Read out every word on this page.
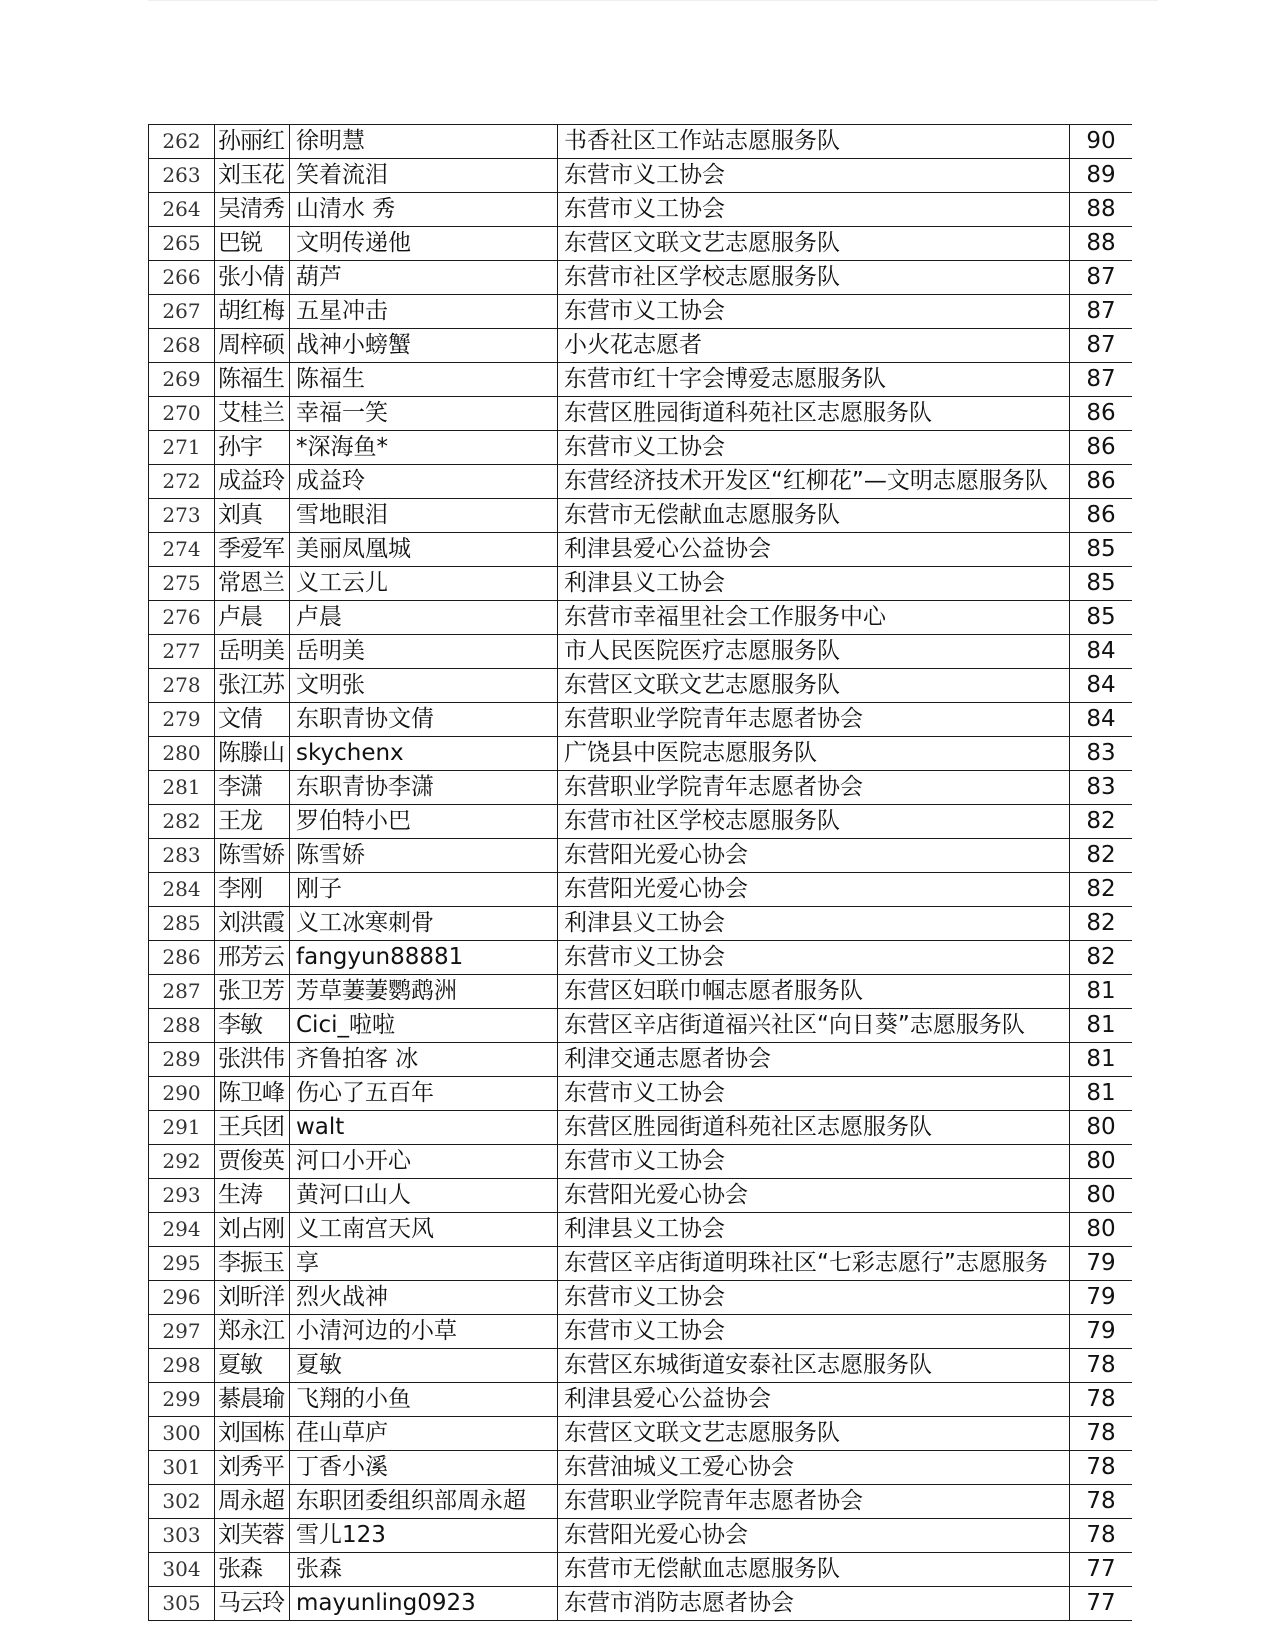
262	孙丽红	徐明慧	书香社区工作站志愿服务队	90
263	刘玉花	笑着流泪	东营市义工协会	89
264	吴清秀	山清水 秀	东营市义工协会	88
265	巴锐	文明传递他	东营区文联文艺志愿服务队	88
266	张小倩	葫芦	东营市社区学校志愿服务队	87
267	胡红梅	五星冲击	东营市义工协会	87
268	周梓硕	战神小螃蟹	小火花志愿者	87
269	陈福生	陈福生	东营市红十字会博爱志愿服务队	87
270	艾桂兰	幸福一笑	东营区胜园街道科苑社区志愿服务队	86
271	孙宇	*深海鱼*	东营市义工协会	86
272	成益玲	成益玲	东营经济技术开发区“红柳花”—文明志愿服务队	86
273	刘真	雪地眼泪	东营市无偿献血志愿服务队	86
274	季爱军	美丽凤凰城	利津县爱心公益协会	85
275	常恩兰	义工云儿	利津县义工协会	85
276	卢晨	卢晨	东营市幸福里社会工作服务中心	85
277	岳明美	岳明美	市人民医院医疗志愿服务队	84
278	张江苏	文明张	东营区文联文艺志愿服务队	84
279	文倩	东职青协文倩	东营职业学院青年志愿者协会	84
280	陈滕山	skychenx	广饶县中医院志愿服务队	83
281	李潇	东职青协李潇	东营职业学院青年志愿者协会	83
282	王龙	罗伯特小巴	东营市社区学校志愿服务队	82
283	陈雪娇	陈雪娇	东营阳光爱心协会	82
284	李刚	刚子	东营阳光爱心协会	82
285	刘洪霞	义工冰寒刺骨	利津县义工协会	82
286	邢芳云	fangyun88881	东营市义工协会	82
287	张卫芳	芳草萋萋鹦鹉洲	东营区妇联巾帼志愿者服务队	81
288	李敏	Cici_啦啦	东营区辛店街道福兴社区“向日葵”志愿服务队	81
289	张洪伟	齐鲁拍客 冰	利津交通志愿者协会	81
290	陈卫峰	伤心了五百年	东营市义工协会	81
291	王兵团	walt	东营区胜园街道科苑社区志愿服务队	80
292	贾俊英	河口小开心	东营市义工协会	80
293	生涛	黄河口山人	东营阳光爱心协会	80
294	刘占刚	义工南宫天风	利津县义工协会	80
295	李振玉	享	东营区辛店街道明珠社区“七彩志愿行”志愿服务	79
296	刘昕洋	烈火战神	东营市义工协会	79
297	郑永江	小清河边的小草	东营市义工协会	79
298	夏敏	夏敏	东营区东城街道安泰社区志愿服务队	78
299	綦晨瑜	飞翔的小鱼	利津县爱心公益协会	78
300	刘国栋	荏山草庐	东营区文联文艺志愿服务队	78
301	刘秀平	丁香小溪	东营油城义工爱心协会	78
302	周永超	东职团委组织部周永超	东营职业学院青年志愿者协会	78
303	刘芙蓉	雪儿123	东营阳光爱心协会	78
304	张森	张森	东营市无偿献血志愿服务队	77
305	马云玲	mayunling0923	东营市消防志愿者协会	77
